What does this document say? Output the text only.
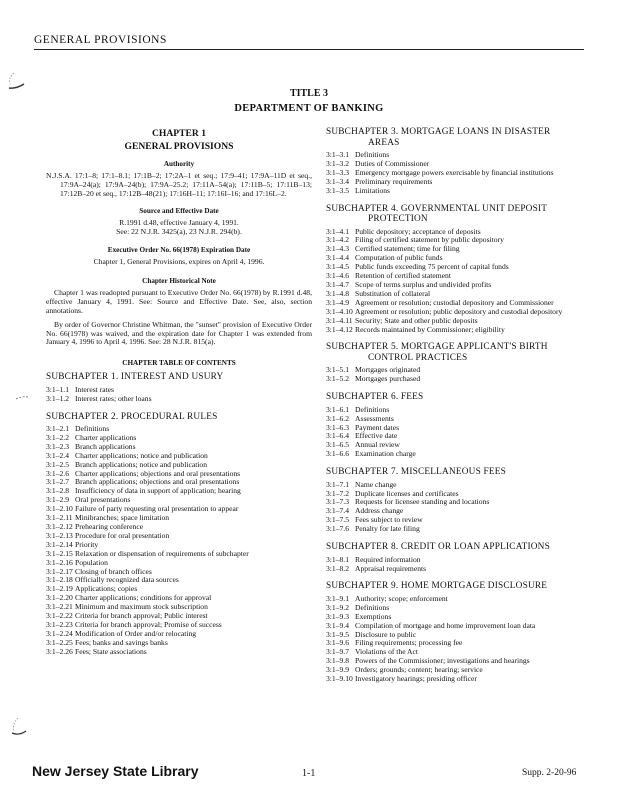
GENERAL PROVISIONS
TITLE 3
DEPARTMENT OF BANKING
CHAPTER 1
GENERAL PROVISIONS
Authority

N.J.S.A. 17:1–8; 17:1–8.1; 17:1B–2; 17:2A–1 et seq.; 17:9–41; 17:9A–11D et seq., 17:9A–24(a); 17:9A–24(b); 17:9A–25.2; 17:11A–54(a); 17:11B–5; 17:11B–13; 17:12B–20 et seq., 17:12B–48(21); 17:16H–11; 17:16I–16; and 17:16L–2.

Source and Effective Date
R.1991 d.48, effective January 4, 1991.
See: 22 N.J.R. 3425(a), 23 N.J.R. 294(b).
Executive Order No. 66(1978) Expiration Date
Chapter 1, General Provisions, expires on April 4, 1996.
Chapter Historical Note

Chapter 1 was readopted pursuant to Executive Order No. 66(1978) by R.1991 d.48, effective January 4, 1991. See: Source and Effective Date. See, also, section annotations.

By order of Governor Christine Whitman, the "sunset" provision of Executive Order No. 66(1978) was waived, and the expiration date for Chapter 1 was extended from January 4, 1996 to April 4, 1996. See: 28 N.J.R. 815(a).

CHAPTER TABLE OF CONTENTS
SUBCHAPTER 1. INTEREST AND USURY
3:1–1.1 Interest rates
3:1–1.2 Interest rates; other loans
SUBCHAPTER 2. PROCEDURAL RULES
3:1–2.1 Definitions
3:1–2.2 Charter applications
3:1–2.3 Branch applications
3:1–2.4 Charter applications; notice and publication
3:1–2.5 Branch applications; notice and publication
3:1–2.6 Charter applications; objections and oral presentations
3:1–2.7 Branch applications; objections and oral presentations
3:1–2.8 Insufficiency of data in support of application; hearing
3:1–2.9 Oral presentations
3:1–2.10 Failure of party requesting oral presentation to appear
3:1–2.11 Minibranches; space limitation
3:1–2.12 Prehearing conference
3:1–2.13 Procedure for oral presentation
3:1–2.14 Priority
3:1–2.15 Relaxation or dispensation of requirements of subchapter
3:1–2.16 Population
3:1–2.17 Closing of branch offices
3:1–2.18 Officially recognized data sources
3:1–2.19 Applications; copies
3:1–2.20 Charter applications; conditions for approval
3:1–2.21 Minimum and maximum stock subscription
3:1–2.22 Criteria for branch approval; Public interest
3:1–2.23 Criteria for branch approval; Promise of success
3:1–2.24 Modification of Order and/or relocating
3:1–2.25 Fees; banks and savings banks
3:1–2.26 Fees; State associations
SUBCHAPTER 3. MORTGAGE LOANS IN DISASTER
AREAS
3:1–3.1 Definitions
3:1–3.2 Duties of Commissioner
3:1–3.3 Emergency mortgage powers exercisable by financial institutions
3:1–3.4 Preliminary requirements
3:1–3.5 Limitations
SUBCHAPTER 4. GOVERNMENTAL UNIT DEPOSIT
PROTECTION
3:1–4.1 Public depository; acceptance of deposits
3:1–4.2 Filing of certified statement by public depository
3:1–4.3 Certified statement; time for filing
3:1–4.4 Computation of public funds
3:1–4.5 Public funds exceeding 75 percent of capital funds
3:1–4.6 Retention of certified statement
3:1–4.7 Scope of terms surplus and undivided profits
3:1–4.8 Substitution of collateral
3:1–4.9 Agreement or resolution; custodial depository and Commissioner
3:1–4.10 Agreement or resolution; public depository and custodial depository
3:1–4.11 Security; State and other public deposits
3:1–4.12 Records maintained by Commissioner; eligibility
SUBCHAPTER 5. MORTGAGE APPLICANT'S BIRTH
CONTROL PRACTICES
3:1–5.1 Mortgages originated
3:1–5.2 Mortgages purchased
SUBCHAPTER 6. FEES
3:1–6.1 Definitions
3:1–6.2 Assessments
3:1–6.3 Payment dates
3:1–6.4 Effective date
3:1–6.5 Annual review
3:1–6.6 Examination charge
SUBCHAPTER 7. MISCELLANEOUS FEES
3:1–7.1 Name change
3:1–7.2 Duplicate licenses and certificates
3:1–7.3 Requests for licensee standing and locations
3:1–7.4 Address change
3:1–7.5 Fees subject to review
3:1–7.6 Penalty for late filing
SUBCHAPTER 8. CREDIT OR LOAN APPLICATIONS
3:1–8.1 Required information
3:1–8.2 Appraisal requirements
SUBCHAPTER 9. HOME MORTGAGE DISCLOSURE
3:1–9.1 Authority; scope; enforcement
3:1–9.2 Definitions
3:1–9.3 Exemptions
3:1–9.4 Compilation of mortgage and home improvement loan data
3:1–9.5 Disclosure to public
3:1–9.6 Filing requirements; processing fee
3:1–9.7 Violations of the Act
3:1–9.8 Powers of the Commissioner; investigations and hearings
3:1–9.9 Orders; grounds; content; hearing; service
3:1–9.10 Investigatory hearings; presiding officer
New Jersey State Library	1-1	Supp. 2-20-96
